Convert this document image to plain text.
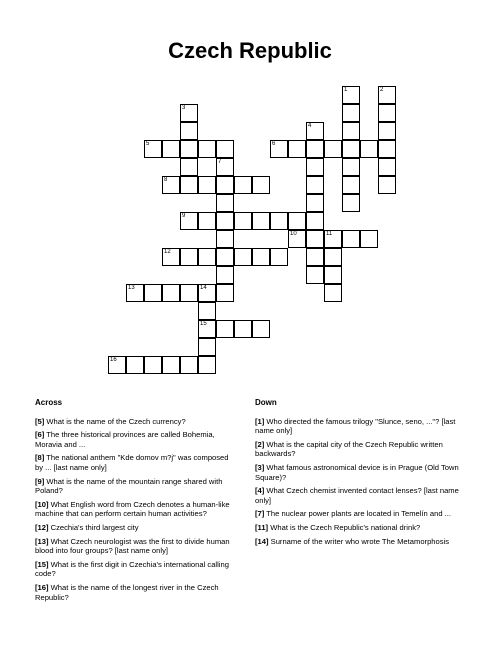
Czech Republic
1	2
3
4
5	6
7
8
9
10	11
12
13	14
15
16
Across
[5] What is the name of the Czech currency?
[6] The three historical provinces are called Bohemia, Moravia and ...
[8] The national anthem "Kde domov m?j" was composed by ... [last name only]
[9] What is the name of the mountain range shared with Poland?
[10] What English word from Czech denotes a human-like machine that can perform certain human activities?
[12] Czechia's third largest city
[13] What Czech neurologist was the first to divide human blood into four groups? [last name only]
[15] What is the first digit in Czechia's international calling code?
[16] What is the name of the longest river in the Czech Republic?
Down
[1] Who directed the famous trilogy "Slunce, seno, ..."? [last name only]
[2] What is the capital city of the Czech Republic written backwards?
[3] What famous astronomical device is in Prague (Old Town Square)?
[4] What Czech chemist invented contact lenses? [last name only]
[7] The nuclear power plants are located in Temelín and ...
[11] What is the Czech Republic's national drink?
[14] Surname of the writer who wrote The Metamorphosis
